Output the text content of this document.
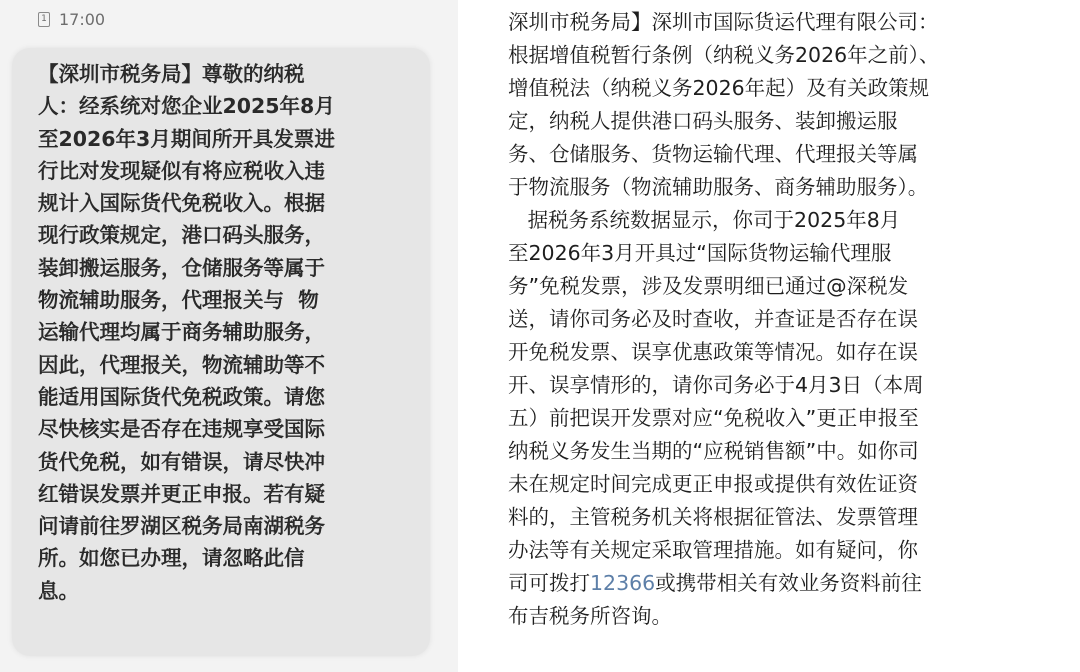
1 17:00

【深圳市税务局】尊敬的纳税
人：经系统对您企业2025年8月
至2026年3月期间所开具发票进
行比对发现疑似有将应税收入违
规计入国际货代免税收入。根据
现行政策规定，港口码头服务，
装卸搬运服务，仓储服务等属于
物流辅助服务，代理报关与  物
运输代理均属于商务辅助服务，
因此，代理报关，物流辅助等不
能适用国际货代免税政策。请您
尽快核实是否存在违规享受国际
货代免税，如有错误，请尽快冲
红错误发票并更正申报。若有疑
问请前往罗湖区税务局南湖税务
所。如您已办理，请忽略此信
息。

深圳市税务局】深圳市国际货运代理有限公司：
根据增值税暂行条例（纳税义务2026年之前）、
增值税法（纳税义务2026年起）及有关政策规
定，纳税人提供港口码头服务、装卸搬运服
务、仓储服务、货物运输代理、代理报关等属
于物流服务（物流辅助服务、商务辅助服务）。
据税务系统数据显示，你司于2025年8月
至2026年3月开具过“国际货物运输代理服
务”免税发票，涉及发票明细已通过@深税发
送，请你司务必及时查收，并查证是否存在误
开免税发票、误享优惠政策等情况。如存在误
开、误享情形的，请你司务必于4月3日（本周
五）前把误开发票对应“免税收入”更正申报至
纳税义务发生当期的“应税销售额”中。如你司
未在规定时间完成更正申报或提供有效佐证资
料的，主管税务机关将根据征管法、发票管理
办法等有关规定采取管理措施。如有疑问，你
司可拨打12366或携带相关有效业务资料前往
布吉税务所咨询。
